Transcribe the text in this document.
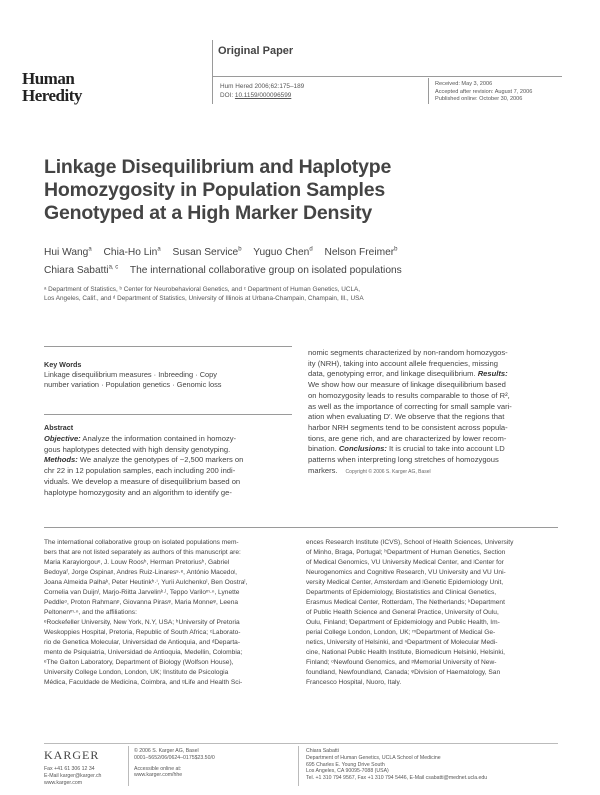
Human
Heredity
Original Paper
Hum Hered 2006;62:175–189
DOI: 10.1159/000096599
Received: May 3, 2006
Accepted after revision: August 7, 2006
Published online: October 30, 2006
Linkage Disequilibrium and Haplotype
Homozygosity in Population Samples
Genotyped at a High Marker Density
Hui Wang$^a$ Chia-Ho Lin$^a$ Susan Service$^b$ Yuguo Chen$^d$ Nelson Freimer$^b$
Chiara Sabatti$^{a, c}$ The international collaborative group on isolated populations
ᵃ Department of Statistics, ᵇ Center for Neurobehavioral Genetics, and ᶜ Department of Human Genetics, UCLA,
Los Angeles, Calif., and ᵈ Department of Statistics, University of Illinois at Urbana-Champain, Champain, Ill., USA
Key Words
Linkage disequilibrium measures · Inbreeding · Copy
number variation · Population genetics · Genomic loss
Abstract
Objective: Analyze the information contained in homozy-
gous haplotypes detected with high density genotyping.
Methods: We analyze the genotypes of ~2,500 markers on
chr 22 in 12 population samples, each including 200 indi-
viduals. We develop a measure of disequilibrium based on
haplotype homozygosity and an algorithm to identify ge-
nomic segments characterized by non-random homozygos-
ity (NRH), taking into account allele frequencies, missing
data, genotyping error, and linkage disequilibrium. Results:
We show how our measure of linkage disequilibrium based
on homozygosity leads to results comparable to those of R²,
as well as the importance of correcting for small sample vari-
ation when evaluating D′. We observe that the regions that
harbor NRH segments tend to be consistent across popula-
tions, are gene rich, and are characterized by lower recom-
bination. Conclusions: It is crucial to take into account LD
patterns when interpreting long stretches of homozygous
markers. Copyright © 2006 S. Karger AG, Basel
The international collaborative group on isolated populations mem-
bers that are not listed separately as authors of this manuscript are:
Maria Karayiorgouᵉ, J. Louw Roosʰ, Herman Pretoriusʰ, Gabriel
Bedoyaᶠ, Jorge Ospinaᵍ, Andres Ruiz-Linaresˢ·ᵉ, António Macedoʲ,
Joana Almeida Palhaᵏ, Peter Heutinkʰ·ⁱ, Yurii Aulchenkoˡ, Ben Oostraˡ,
Cornelia van Duijnˡ, Marjo-Riitta Jarvelinᵏ·ˡ, Teppo Variloᵐ·ⁿ, Lynette
Peddleᵒ, Proton Rahmanᵖ, Giovanna Pirasᵠ, Maria Monneᵠ, Leena
Peltonenᵐ·ⁿ, and the affiliations:
ᵉRockefeller University, New York, N.Y, USA; ʰUniversity of Pretoria
Weskoppies Hospital, Pretoria, Republic of South Africa; ᶜLaborato-
rio de Genetica Molecular, Universidad de Antioquia, and ᵈDeparta-
mento de Psiquiatria, Universidad de Antioquia, Medellin, Colombia;
ᵉThe Galton Laboratory, Department of Biology (Wolfson House),
University College London, London, UK; ʲInstituto de Psicologia
Médica, Faculdade de Medicina, Coimbra, and ᵍLife and Health Sci-
ences Research Institute (ICVS), School of Health Sciences, University
of Minho, Braga, Portugal; ʰDepartment of Human Genetics, Section
of Medical Genomics, VU University Medical Center, and ʲCenter for
Neurogenomics and Cognitive Research, VU University and VU Uni-
versity Medical Center, Amsterdam and ʲGenetic Epidemiology Unit,
Departments of Epidemiology, Biostatistics and Clinical Genetics,
Erasmus Medical Center, Rotterdam, The Netherlands; ᵏDepartment
of Public Health Science and General Practice, University of Oulu,
Oulu, Finland; ˡDepartment of Epidemiology and Public Health, Im-
perial College London, London, UK; ᵐDepartment of Medical Ge-
netics, University of Helsinki, and ⁿDepartment of Molecular Medi-
cine, National Public Health Institute, Biomedicum Helsinki, Helsinki,
Finland; ᵒNewfound Genomics, and ᵖMemorial University of New-
foundland, Newfoundland, Canada; ᵠDivision of Haematology, San
Francesco Hospital, Nuoro, Italy.
KARGER
Fax +41 61 306 12 34
E-Mail karger@karger.ch
www.karger.com
© 2006 S. Karger AG, Basel
0001–5652/06/0624–0175$23.50/0
Accessible online at:
www.karger.com/hhe
Chiara Sabatti
Department of Human Genetics, UCLA School of Medicine
695 Charles E. Young Drive South
Los Angeles, CA 90095-7088 (USA)
Tel. +1 310 794 9567, Fax +1 310 794 5446, E-Mail csabatti@mednet.ucla.edu
